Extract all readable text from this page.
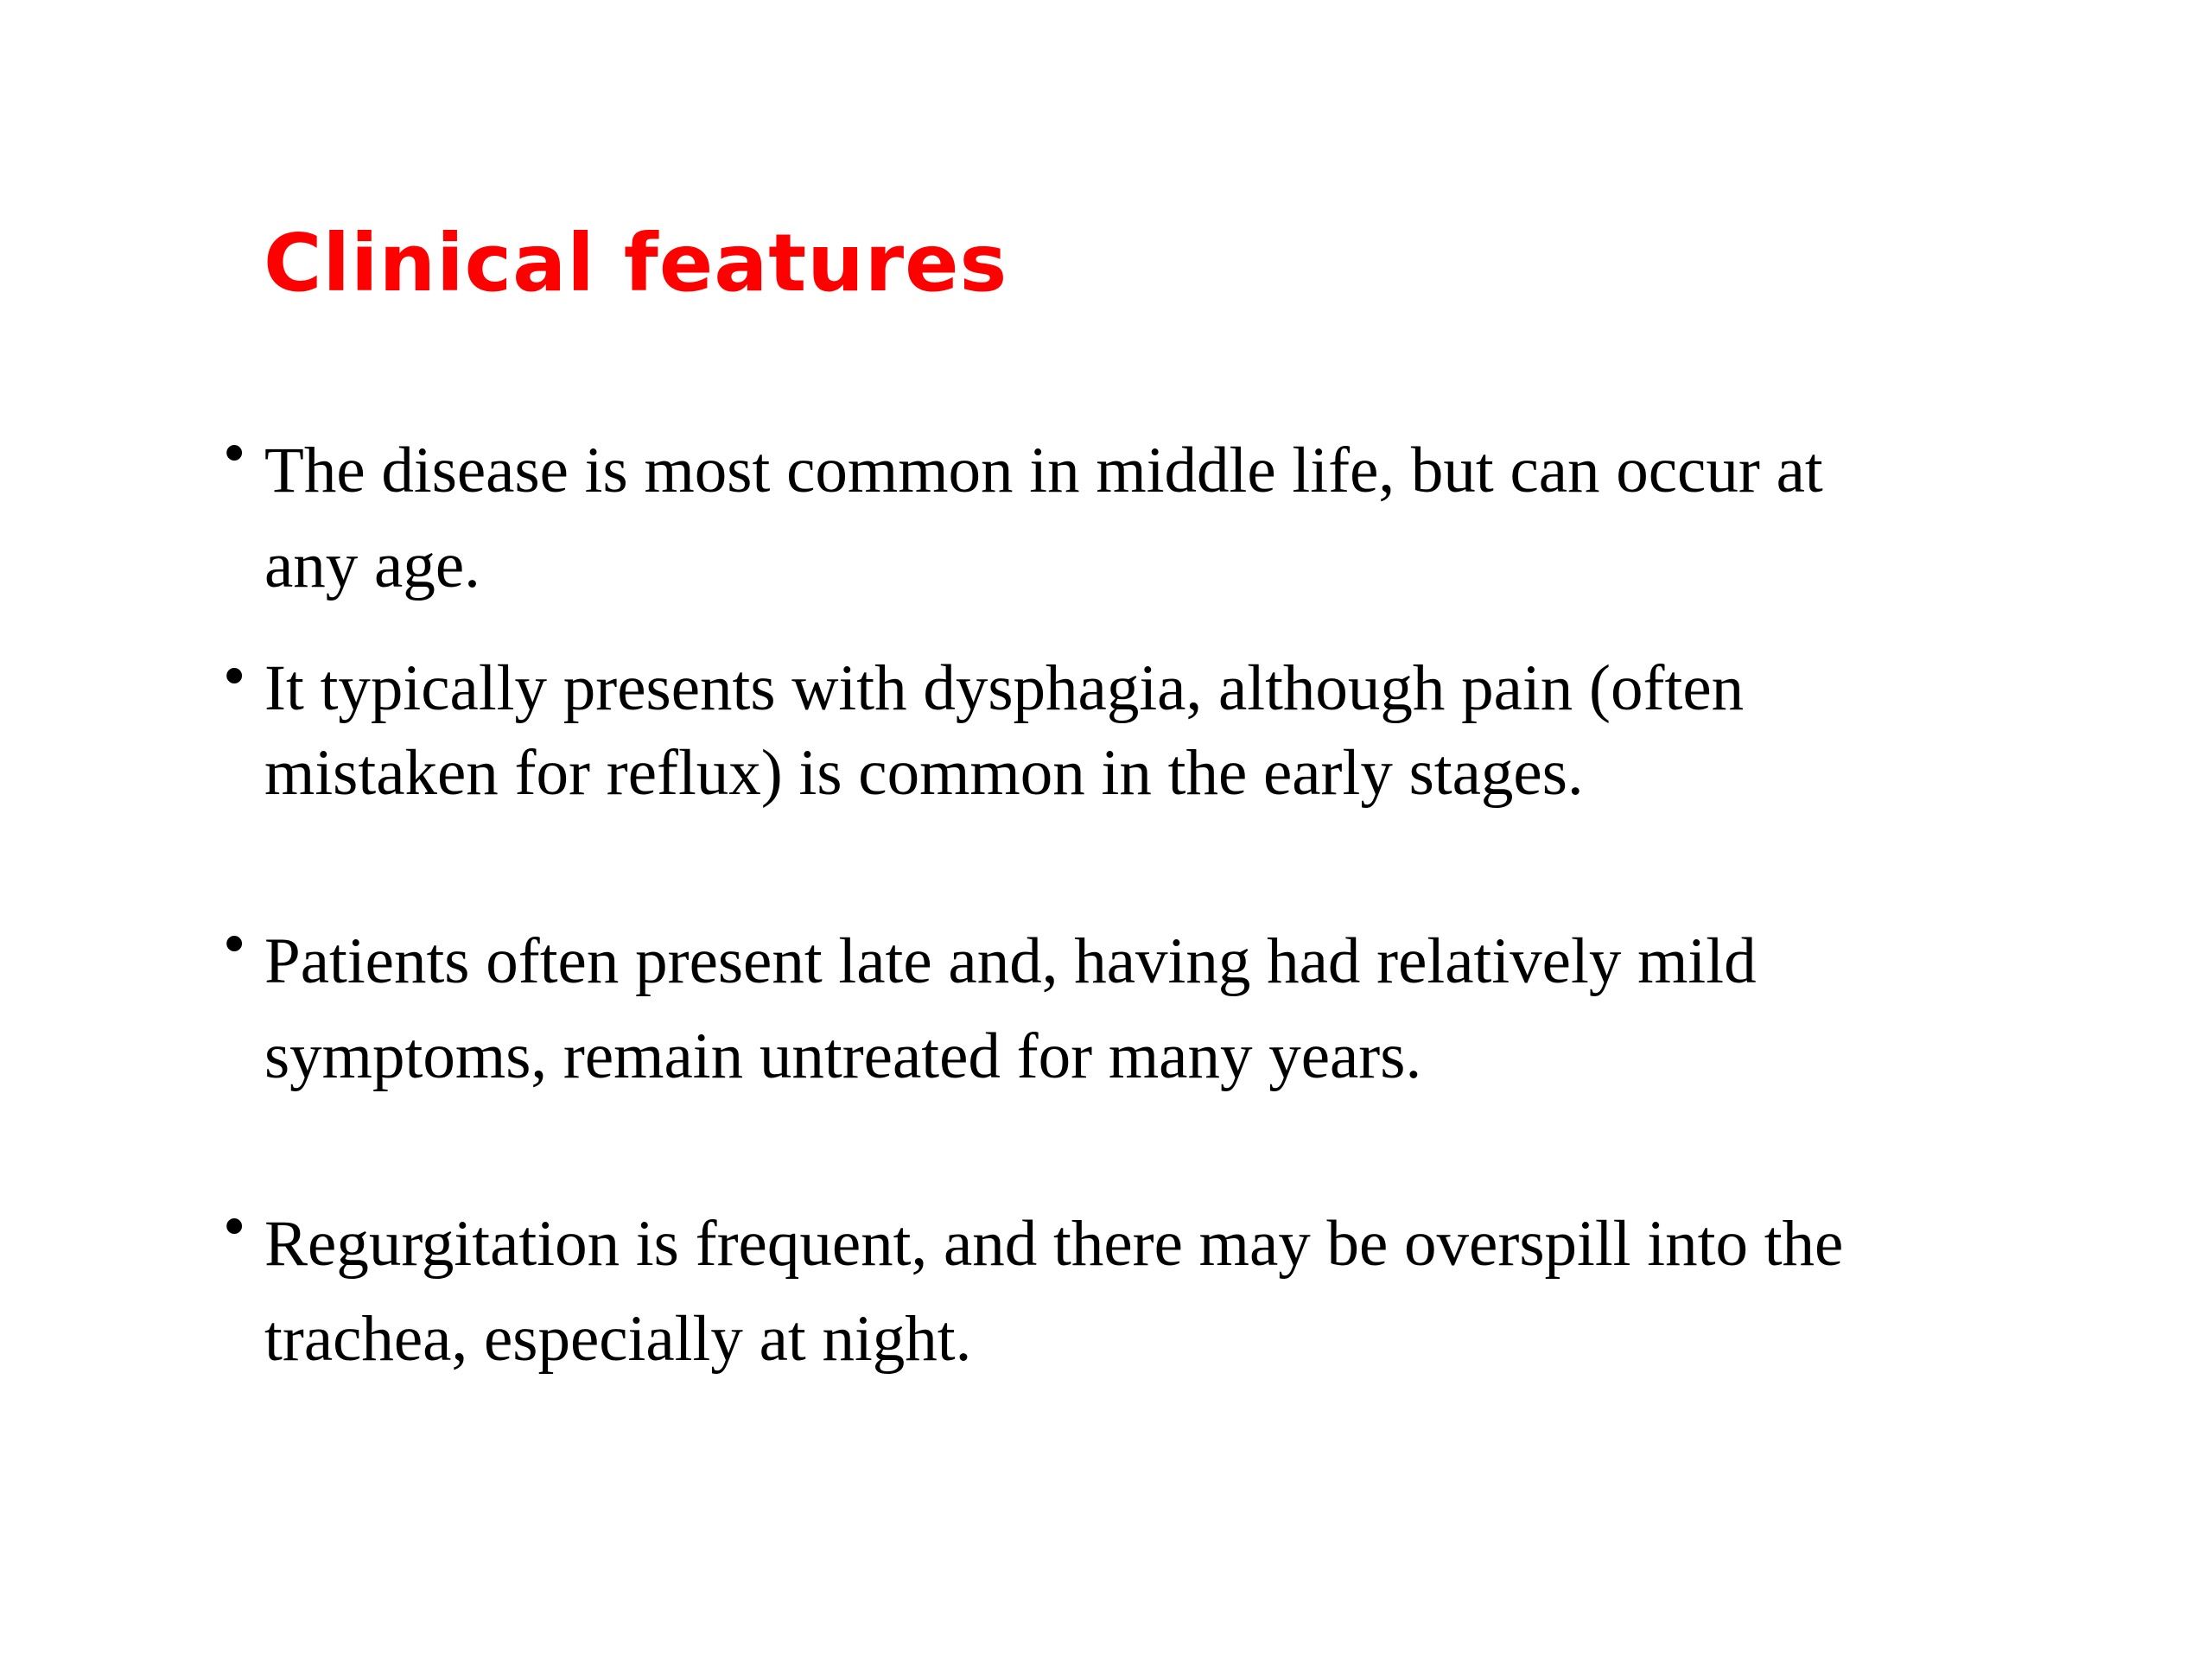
Clinical features
• The disease is most common in middle life, but can occur at
any age.
• It typically presents with dysphagia, although pain (often
mistaken for reflux) is common in the early stages.
• Patients often present late and, having had relatively mild
symptoms, remain untreated for many years.
• Regurgitation is frequent, and there may be overspill into the
trachea, especially at night.
